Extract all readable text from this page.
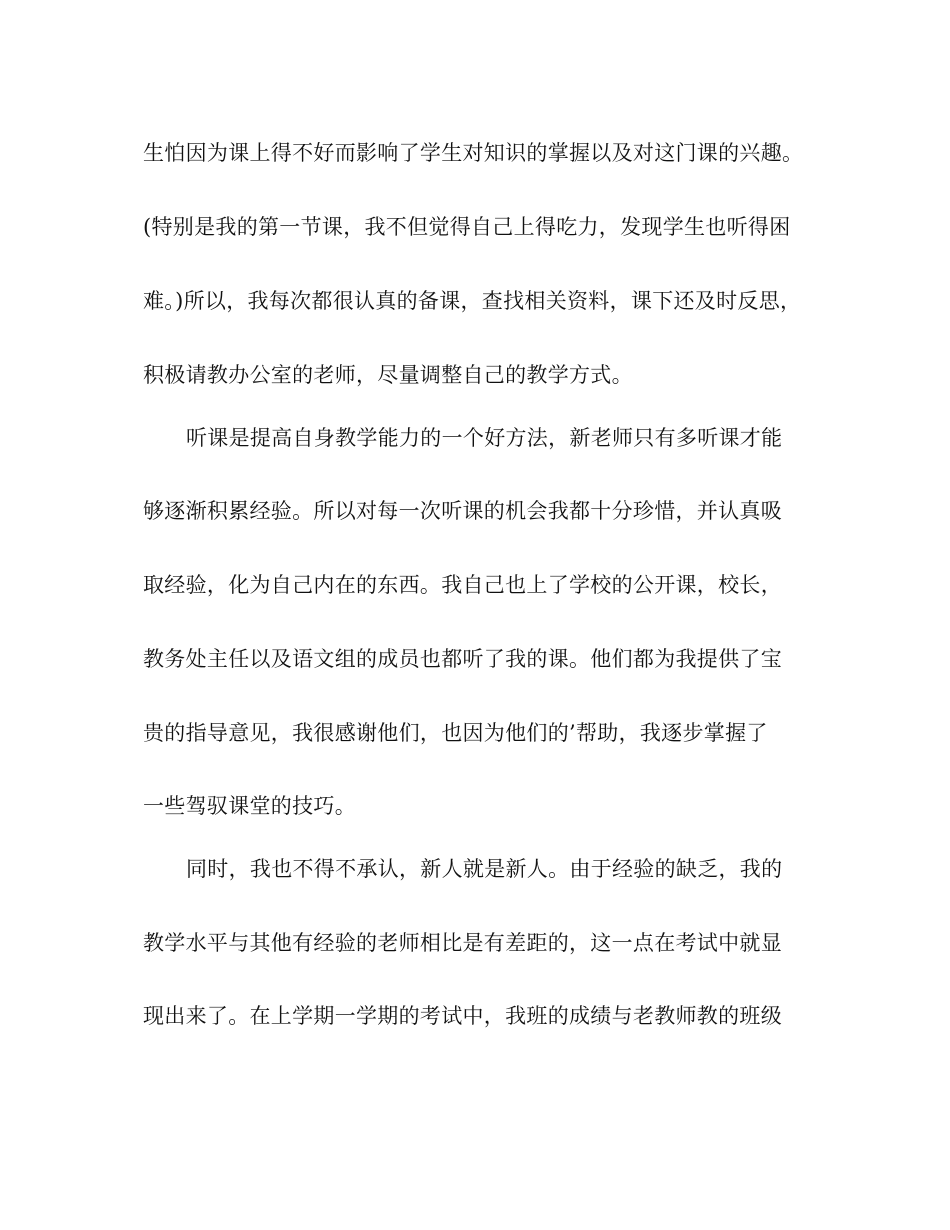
生怕因为课上得不好而影响了学生对知识的掌握以及对这门课的兴趣。

(特别是我的第一节课，我不但觉得自己上得吃力，发现学生也听得困

难。)所以，我每次都很认真的备课，查找相关资料，课下还及时反思，

积极请教办公室的老师，尽量调整自己的教学方式。

听课是提高自身教学能力的一个好方法，新老师只有多听课才能

够逐渐积累经验。所以对每一次听课的机会我都十分珍惜，并认真吸

取经验，化为自己内在的东西。我自己也上了学校的公开课，校长，

教务处主任以及语文组的成员也都听了我的课。他们都为我提供了宝

贵的指导意见，我很感谢他们，也因为他们的’帮助，我逐步掌握了

一些驾驭课堂的技巧。

同时，我也不得不承认，新人就是新人。由于经验的缺乏，我的

教学水平与其他有经验的老师相比是有差距的，这一点在考试中就显

现出来了。在上学期一学期的考试中，我班的成绩与老教师教的班级
